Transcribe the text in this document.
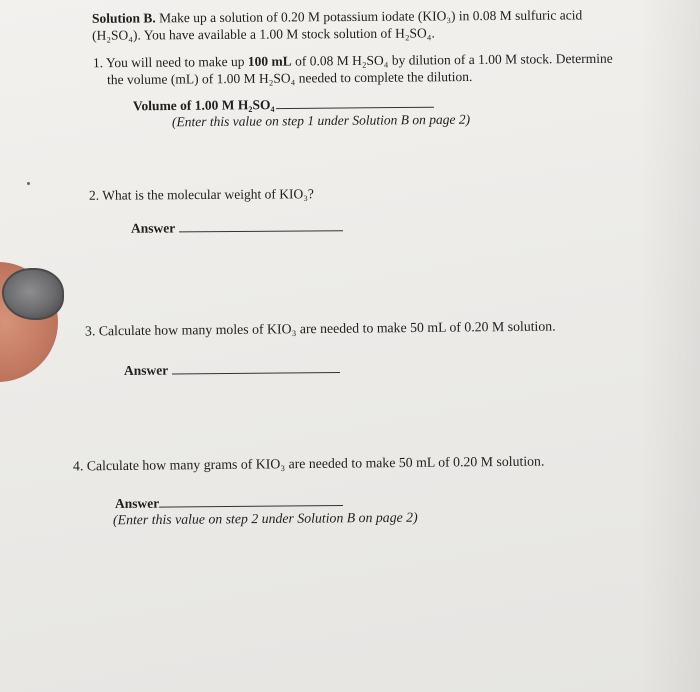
Solution B. Make up a solution of 0.20 M potassium iodate (KIO₃) in 0.08 M sulfuric acid
(H₂SO₄). You have available a 1.00 M stock solution of H₂SO₄.
1. You will need to make up 100 mL of 0.08 M H₂SO₄ by dilution of a 1.00 M stock. Determine
the volume (mL) of 1.00 M H₂SO₄ needed to complete the dilution.
Volume of 1.00 M H₂SO₄
(Enter this value on step 1 under Solution B on page 2)
2. What is the molecular weight of KIO₃?
Answer
3. Calculate how many moles of KIO₃ are needed to make 50 mL of 0.20 M solution.
Answer
4. Calculate how many grams of KIO₃ are needed to make 50 mL of 0.20 M solution.
Answer
(Enter this value on step 2 under Solution B on page 2)
